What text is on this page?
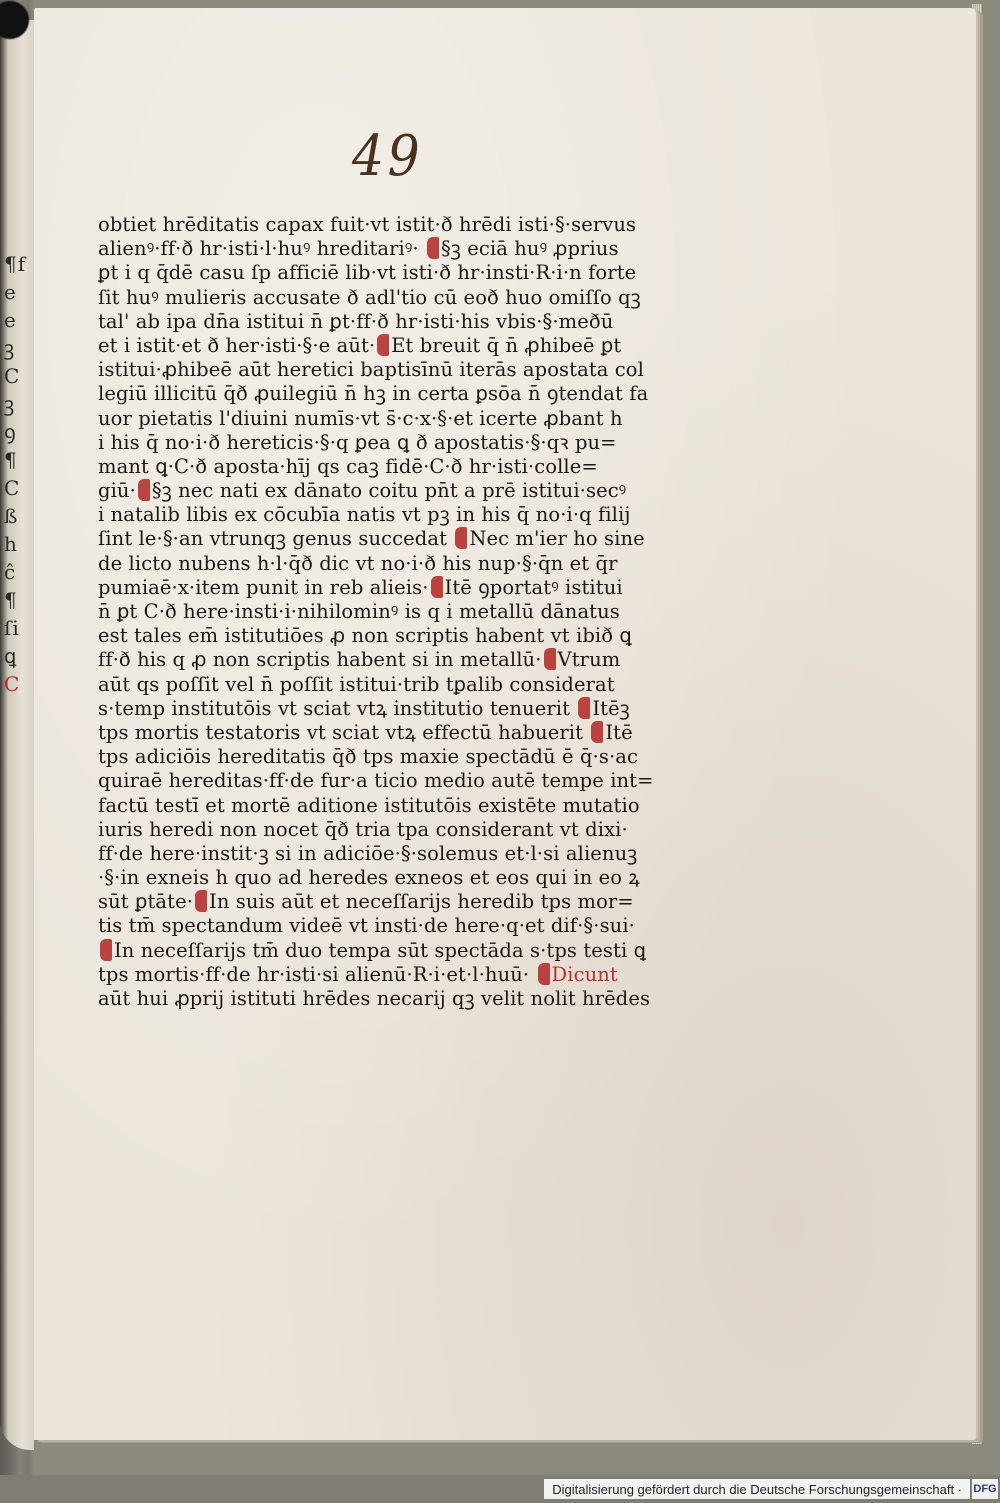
¶fe eꝫ C ꝫ ꝯ ¶ C ß h ĉ ¶ ſi ꝗ C
49
obtiet hrēditatis capax fuit·vt istit·ð hrēdi isti·§·servus
alienꝰ·ff·ð hr·isti·l·huꝰ hreditariꝰ· §ꝫ eciā huꝰ ꝓprius
ꝑt i q q̄dē casu ſp afficiē lib·vt isti·ð hr·insti·R·i·n forte
ſit huꝰ mulieris accusate ð adl'tio cū eoð huo omiſſo qꝫ
tal' ab ipa dn̄a istitui n̄ ꝑt·ff·ð hr·isti·his vbis·§·meðū
et i istit·et ð her·isti·§·e aūt· Et breuit q̄ n̄ ꝓhibeē ꝑt
istitui·ꝓhibeē aūt heretici baptisīnū iterās apostata col
legiū illicitū q̄ð ꝓuilegiū n̄ hꝫ in certa ꝑsōa n̄ ꝯtendat fa
uor pietatis l'diuini numīs·vt s̄·c·x·§·et icerte ꝓbant h
i his q̄ no·i·ð hereticis·§·q ꝑea ꝗ ð apostatis·§·qꝛ pu=
mant ꝗ·C·ð aposta·hīj qs caꝫ fidē·C·ð hr·isti·colle=
giū· §ꝫ nec nati ex dānato coitu pn̄t a prē istitui·secꝰ
i natalib libis ex cōcubīa natis vt pꝫ in his q̄ no·i·q filij
ſint le·§·an vtrunqꝫ genus succedat Nec m'ier ho sine
de licto nubens h·l·q̄ð dic vt no·i·ð his nup·§·q̄n et q̄r
pumiaē·x·item punit in reb alieis· Itē ꝯportatꝰ istitui
n̄ ꝑt C·ð here·insti·i·nihilominꝰ is q i metallū dānatus
est tales em̄ istitutiōes ꝓ non scriptis habent vt ibið ꝗ
ff·ð his q ꝓ non scriptis habent si in metallū· Vtrum
aūt qs poſſit vel n̄ poſſit istitui·trib tꝑalib considerat
s·temp institutōis vt sciat vtꝝ institutio tenuerit Itēꝫ
tps mortis testatoris vt sciat vtꝝ effectū habuerit Itē
tps adiciōis hereditatis q̄ð tps maxie spectādū ē q̄·s·ac
quiraē hereditas·ff·de fur·a ticio medio autē tempe int=
factū testī et mortē aditione istitutōis existēte mutatio
iuris heredi non nocet q̄ð tria tpa considerant vt dixi·
ff·de here·instit·ꝫ si in adiciōe·§·solemus et·l·si alienuꝫ
·§·in exneis h quo ad heredes exneos et eos qui in eo ꝝ
sūt ꝑtāte· In suis aūt et neceſſarijs heredib tps mor=
tis tm̄ spectandum videē vt insti·de here·q·et dif·§·sui·
In neceſſarijs tm̄ duo tempa sūt spectāda s·tps testi ꝗ
tps mortis·ff·de hr·isti·si alienū·R·i·et·l·huū· Dicunt
aūt hui ꝓprij istituti hrēdes necarij qꝫ velit nolit hrēdes
Digitalisierung gefördert durch die Deutsche Forschungsgemeinschaft ·	DFG
